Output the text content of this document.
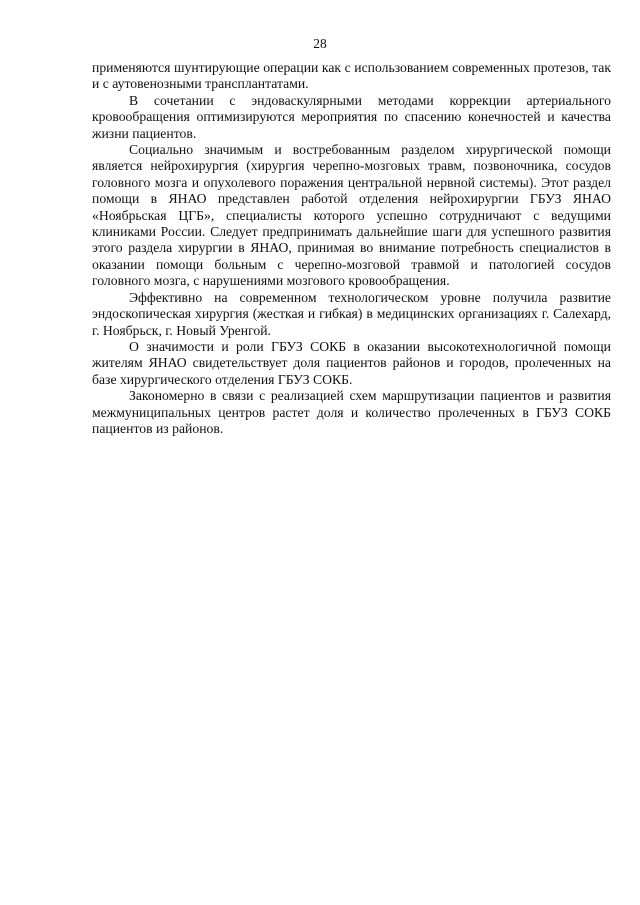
28

применяются шунтирующие операции как с использованием современных протезов, так и с аутовенозными трансплантатами.

В сочетании с эндоваскулярными методами коррекции артериального кровообращения оптимизируются мероприятия по спасению конечностей и качества жизни пациентов.

Социально значимым и востребованным разделом хирургической помощи является нейрохирургия (хирургия черепно-мозговых травм, позвоночника, сосудов головного мозга и опухолевого поражения центральной нервной системы). Этот раздел помощи в ЯНАО представлен работой отделения нейрохирургии ГБУЗ ЯНАО «Ноябрьская ЦГБ», специалисты которого успешно сотрудничают с ведущими клиниками России. Следует предпринимать дальнейшие шаги для успешного развития этого раздела хирургии в ЯНАО, принимая во внимание потребность специалистов в оказании помощи больным с черепно-мозговой травмой и патологией сосудов головного мозга, с нарушениями мозгового кровообращения.

Эффективно на современном технологическом уровне получила развитие эндоскопическая хирургия (жесткая и гибкая) в медицинских организациях г. Салехард, г. Ноябрьск, г. Новый Уренгой.

О значимости и роли ГБУЗ СОКБ в оказании высокотехнологичной помощи жителям ЯНАО свидетельствует доля пациентов районов и городов, пролеченных на базе хирургического отделения ГБУЗ СОКБ.

Закономерно в связи с реализацией схем маршрутизации пациентов и развития межмуниципальных центров растет доля и количество пролеченных в ГБУЗ СОКБ пациентов из районов.
